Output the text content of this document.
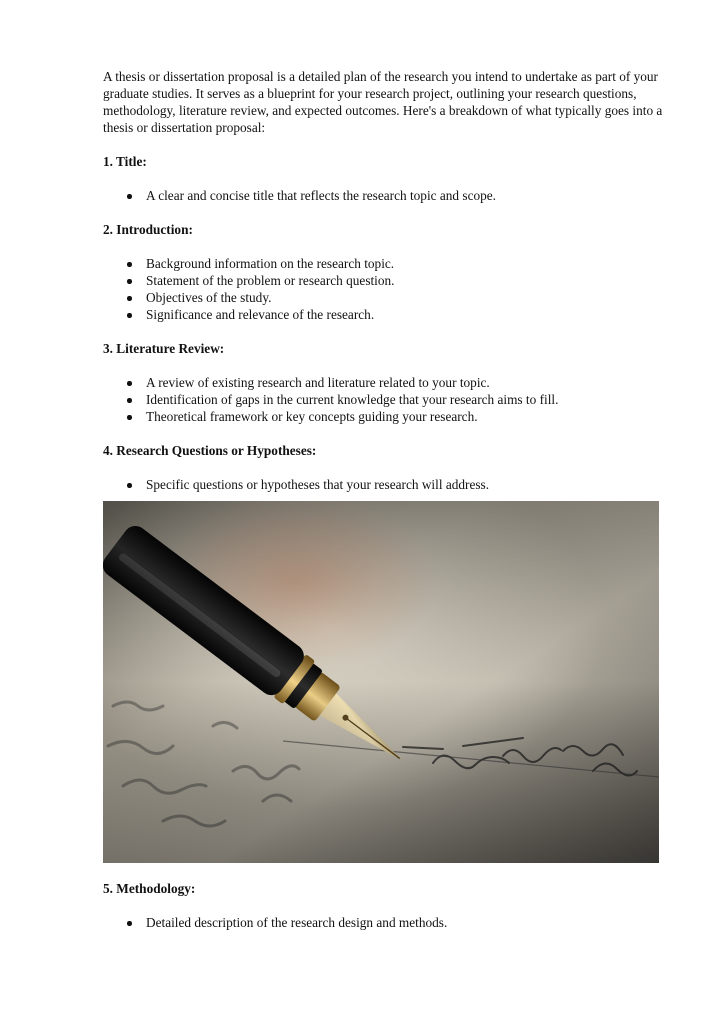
A thesis or dissertation proposal is a detailed plan of the research you intend to undertake as part of your graduate studies. It serves as a blueprint for your research project, outlining your research questions, methodology, literature review, and expected outcomes. Here's a breakdown of what typically goes into a thesis or dissertation proposal:

1. Title:
A clear and concise title that reflects the research topic and scope.
2. Introduction:
Background information on the research topic.
Statement of the problem or research question.
Objectives of the study.
Significance and relevance of the research.
3. Literature Review:
A review of existing research and literature related to your topic.
Identification of gaps in the current knowledge that your research aims to fill.
Theoretical framework or key concepts guiding your research.
4. Research Questions or Hypotheses:
Specific questions or hypotheses that your research will address.
5. Methodology:
Detailed description of the research design and methods.
